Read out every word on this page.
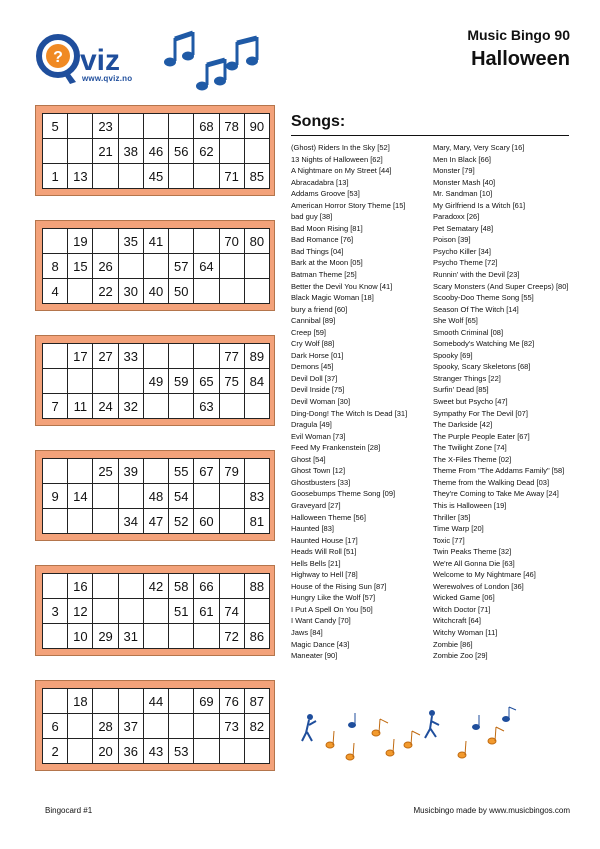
? viz
www.qviz.no
Music Bingo 90
Halloween
5		23				68	78	90
		21	38	46	56	62		
1	13			45			71	85
	19		35	41			70	80
8	15	26			57	64		
4		22	30	40	50			
	17	27	33				77	89
				49	59	65	75	84
7	11	24	32			63		
		25	39		55	67	79	
9	14			48	54			83
			34	47	52	60		81
	16			42	58	66		88
3	12				51	61	74	
	10	29	31				72	86
	18			44		69	76	87
6		28	37				73	82
2		20	36	43	53			
Songs:
(Ghost) Riders In the Sky [52]
13 Nights of Halloween [62]
A Nightmare on My Street [44]
Abracadabra [13]
Addams Groove [53]
American Horror Story Theme [15]
bad guy [38]
Bad Moon Rising [81]
Bad Romance [76]
Bad Things [04]
Bark at the Moon [05]
Batman Theme [25]
Better the Devil You Know [41]
Black Magic Woman [18]
bury a friend [60]
Cannibal [89]
Creep [59]
Cry Wolf [88]
Dark Horse [01]
Demons [45]
Devil Doll [37]
Devil Inside [75]
Devil Woman [30]
Ding-Dong! The Witch Is Dead [31]
Dragula [49]
Evil Woman [73]
Feed My Frankenstein [28]
Ghost [54]
Ghost Town [12]
Ghostbusters [33]
Goosebumps Theme Song [09]
Graveyard [27]
Halloween Theme [56]
Haunted [83]
Haunted House [17]
Heads Will Roll [51]
Hells Bells [21]
Highway to Hell [78]
House of the Rising Sun [87]
Hungry Like the Wolf [57]
I Put A Spell On You [50]
I Want Candy [70]
Jaws [84]
Magic Dance [43]
Maneater [90]
Mary, Mary, Very Scary [16]
Men In Black [66]
Monster [79]
Monster Mash [40]
Mr. Sandman [10]
My Girlfriend Is a Witch [61]
Paradoxx [26]
Pet Sematary [48]
Poison [39]
Psycho Killer [34]
Psycho Theme [72]
Runnin' with the Devil [23]
Scary Monsters (And Super Creeps) [80]
Scooby-Doo Theme Song [55]
Season Of The Witch [14]
She Wolf [65]
Smooth Criminal [08]
Somebody's Watching Me [82]
Spooky [69]
Spooky, Scary Skeletons [68]
Stranger Things [22]
Surfin' Dead [85]
Sweet but Psycho [47]
Sympathy For The Devil [07]
The Darkside [42]
The Purple People Eater [67]
The Twilight Zone [74]
The X-Files Theme [02]
Theme From "The Addams Family" [58]
Theme from the Walking Dead [03]
They're Coming to Take Me Away [24]
This is Halloween [19]
Thriller [35]
Time Warp [20]
Toxic [77]
Twin Peaks Theme [32]
We're All Gonna Die [63]
Welcome to My Nightmare [46]
Werewolves of London [36]
Wicked Game [06]
Witch Doctor [71]
Witchcraft [64]
Witchy Woman [11]
Zombie [86]
Zombie Zoo [29]
Bingocard #1	Musicbingo made by www.musicbingos.com
